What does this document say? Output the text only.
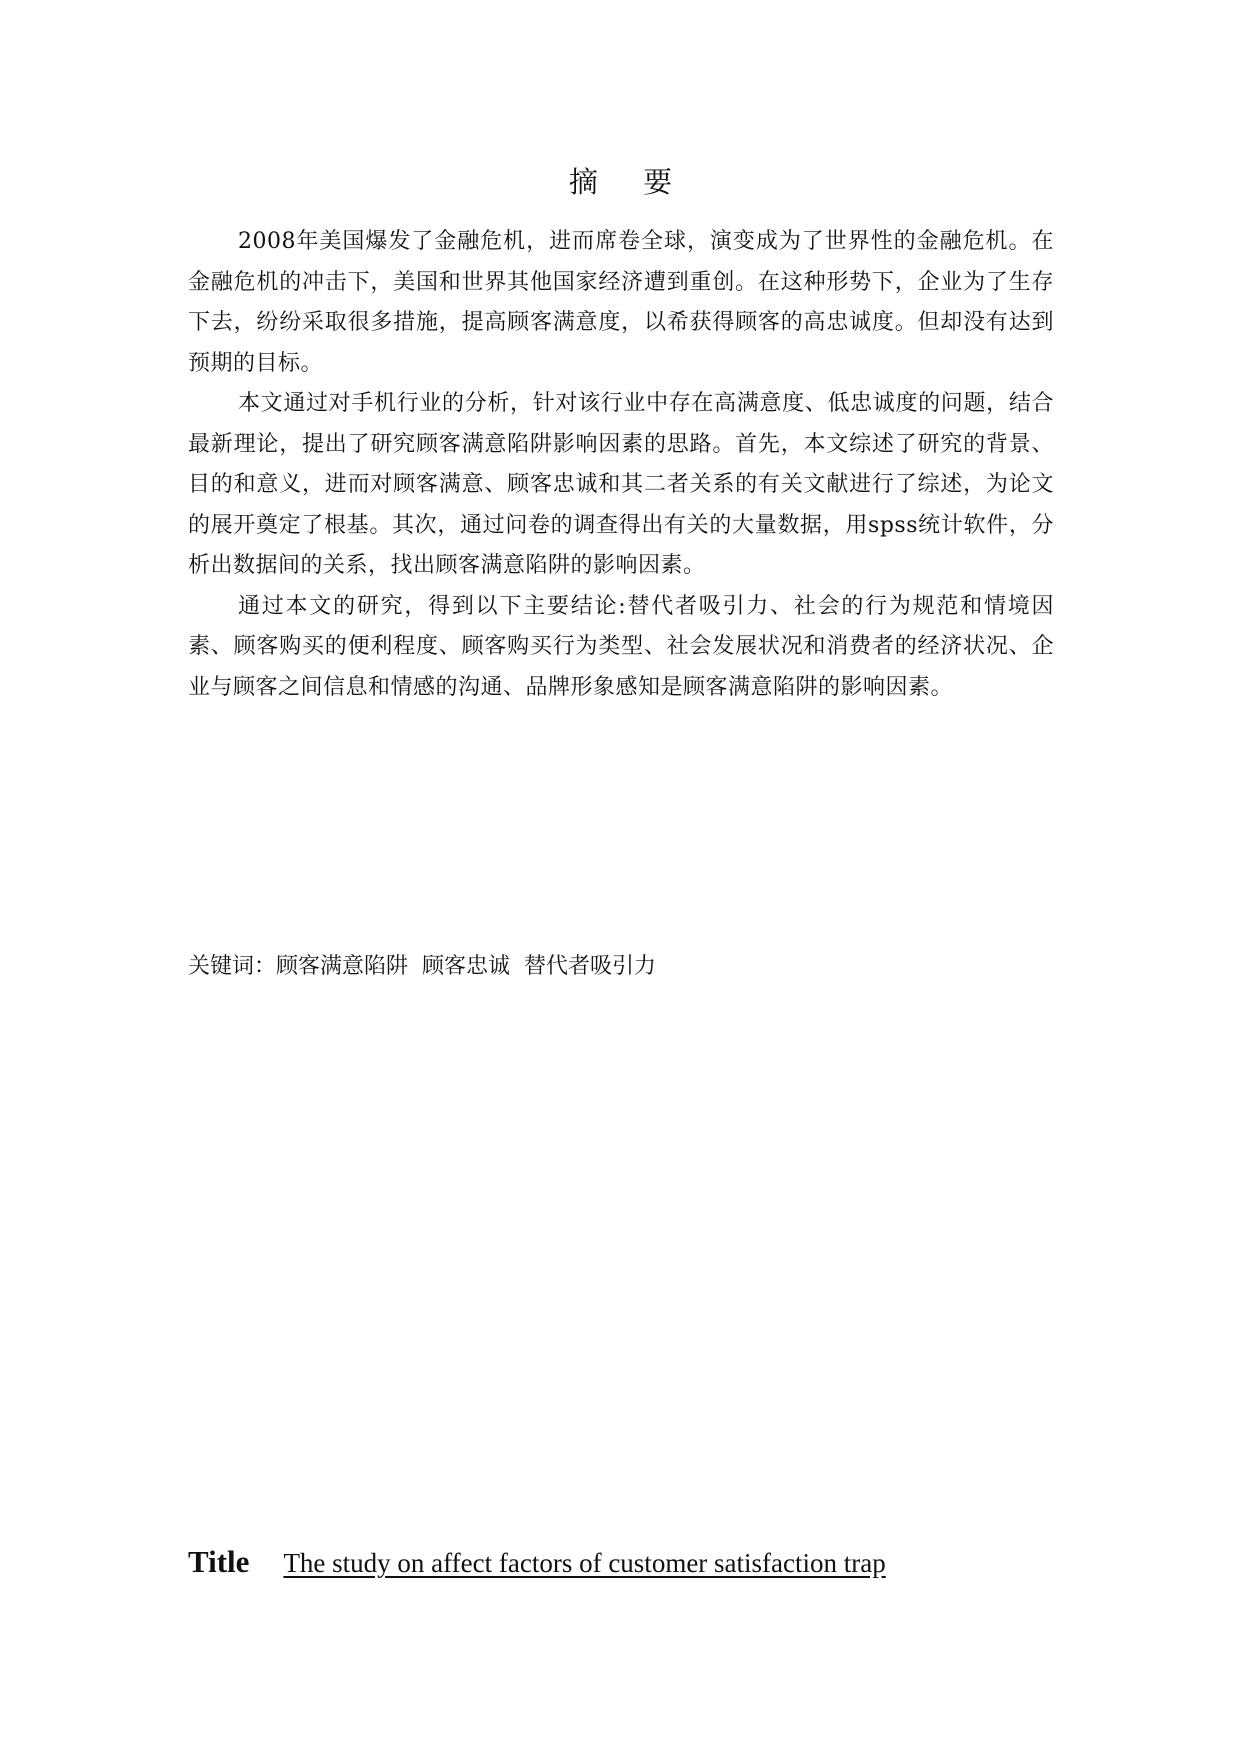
摘 要

2008年美国爆发了金融危机，进而席卷全球，演变成为了世界性的金融危机。在金融危机的冲击下，美国和世界其他国家经济遭到重创。在这种形势下，企业为了生存下去，纷纷采取很多措施，提高顾客满意度，以希获得顾客的高忠诚度。但却没有达到预期的目标。

本文通过对手机行业的分析，针对该行业中存在高满意度、低忠诚度的问题，结合最新理论，提出了研究顾客满意陷阱影响因素的思路。首先，本文综述了研究的背景、目的和意义，进而对顾客满意、顾客忠诚和其二者关系的有关文献进行了综述，为论文的展开奠定了根基。其次，通过问卷的调查得出有关的大量数据，用spss统计软件，分析出数据间的关系，找出顾客满意陷阱的影响因素。

通过本文的研究，得到以下主要结论:替代者吸引力、社会的行为规范和情境因素、顾客购买的便利程度、顾客购买行为类型、社会发展状况和消费者的经济状况、企业与顾客之间信息和情感的沟通、品牌形象感知是顾客满意陷阱的影响因素。

关键词：顾客满意陷阱 顾客忠诚 替代者吸引力
Title The study on affect factors of customer satisfaction trap
